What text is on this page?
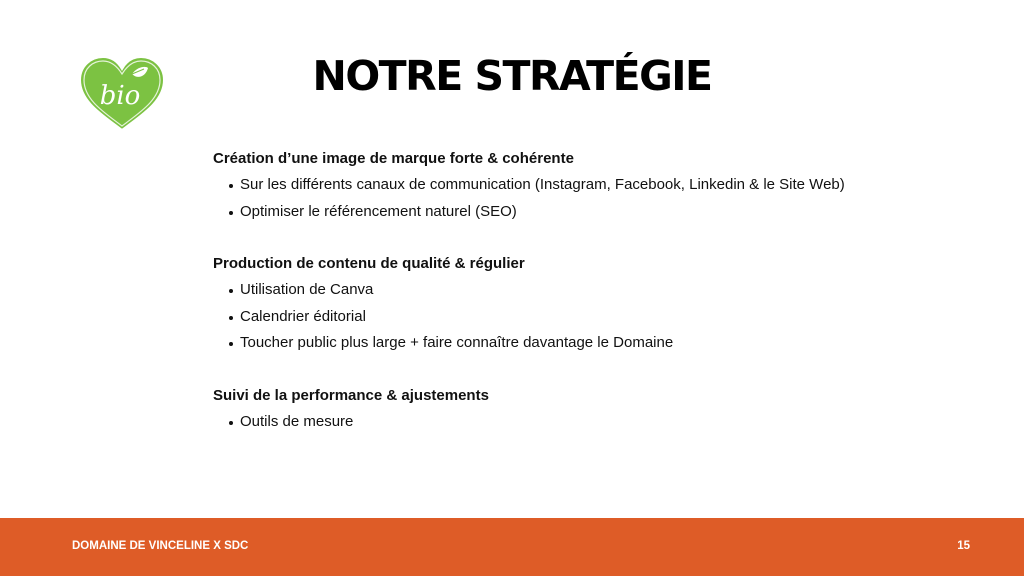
bio	NOTRE STRATÉGIE
Création d’une image de marque forte & cohérente
Sur les différents canaux de communication (Instagram, Facebook, Linkedin & le Site Web)
Optimiser le référencement naturel (SEO)
Production de contenu de qualité & régulier
Utilisation de Canva
Calendrier éditorial
Toucher public plus large + faire connaître davantage le Domaine
Suivi de la performance & ajustements
Outils de mesure
DOMAINE DE VINCELINE X SDC	15
